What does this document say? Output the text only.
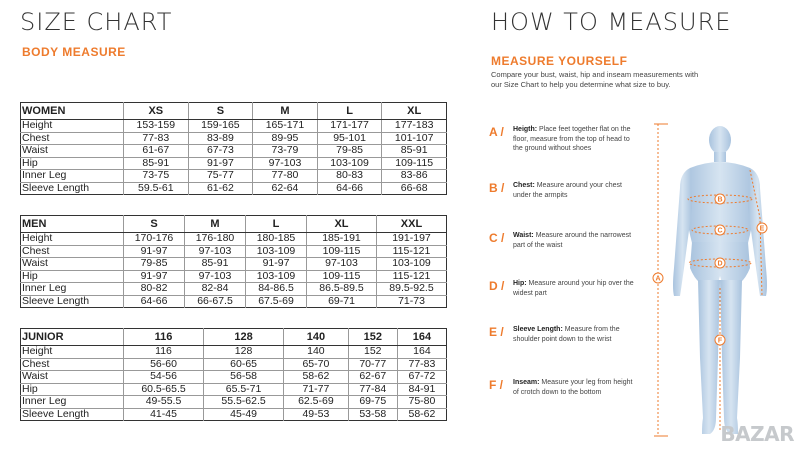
SIZE CHART	HOW TO MEASURE
BODY MEASURE
MEASURE YOURSELF
Compare your bust, waist, hip and inseam measurements with our Size Chart to help you determine what size to buy.
WOMEN	XS	S	M	L	XL
Height	153-159	159-165	165-171	171-177	177-183
Chest	77-83	83-89	89-95	95-101	101-107
Waist	61-67	67-73	73-79	79-85	85-91
Hip	85-91	91-97	97-103	103-109	109-115
Inner Leg	73-75	75-77	77-80	80-83	83-86
Sleeve Length	59.5-61	61-62	62-64	64-66	66-68
MEN	S	M	L	XL	XXL
Height	170-176	176-180	180-185	185-191	191-197
Chest	91-97	97-103	103-109	109-115	115-121
Waist	79-85	85-91	91-97	97-103	103-109
Hip	91-97	97-103	103-109	109-115	115-121
Inner Leg	80-82	82-84	84-86.5	86.5-89.5	89.5-92.5
Sleeve Length	64-66	66-67.5	67.5-69	69-71	71-73
JUNIOR	116	128	140	152	164
Height	116	128	140	152	164
Chest	56-60	60-65	65-70	70-77	77-83
Waist	54-56	56-58	58-62	62-67	67-72
Hip	60.5-65.5	65.5-71	71-77	77-84	84-91
Inner Leg	49-55.5	55.5-62.5	62.5-69	69-75	75-80
Sleeve Length	41-45	45-49	49-53	53-58	58-62
A / Heigth: Place feet together flat on the floor, measure from the top of head to the ground without shoes
B / Chest: Measure around your chest under the armpits
C / Waist: Measure around the narrowest part of the waist
D / Hip: Measure around your hip over the widest part
E / Sleeve Length: Measure from the shoulder point down to the wrist
F / Inseam: Measure your leg from height of crotch down to the bottom
A
B
C
D
E
F
BAZAR
